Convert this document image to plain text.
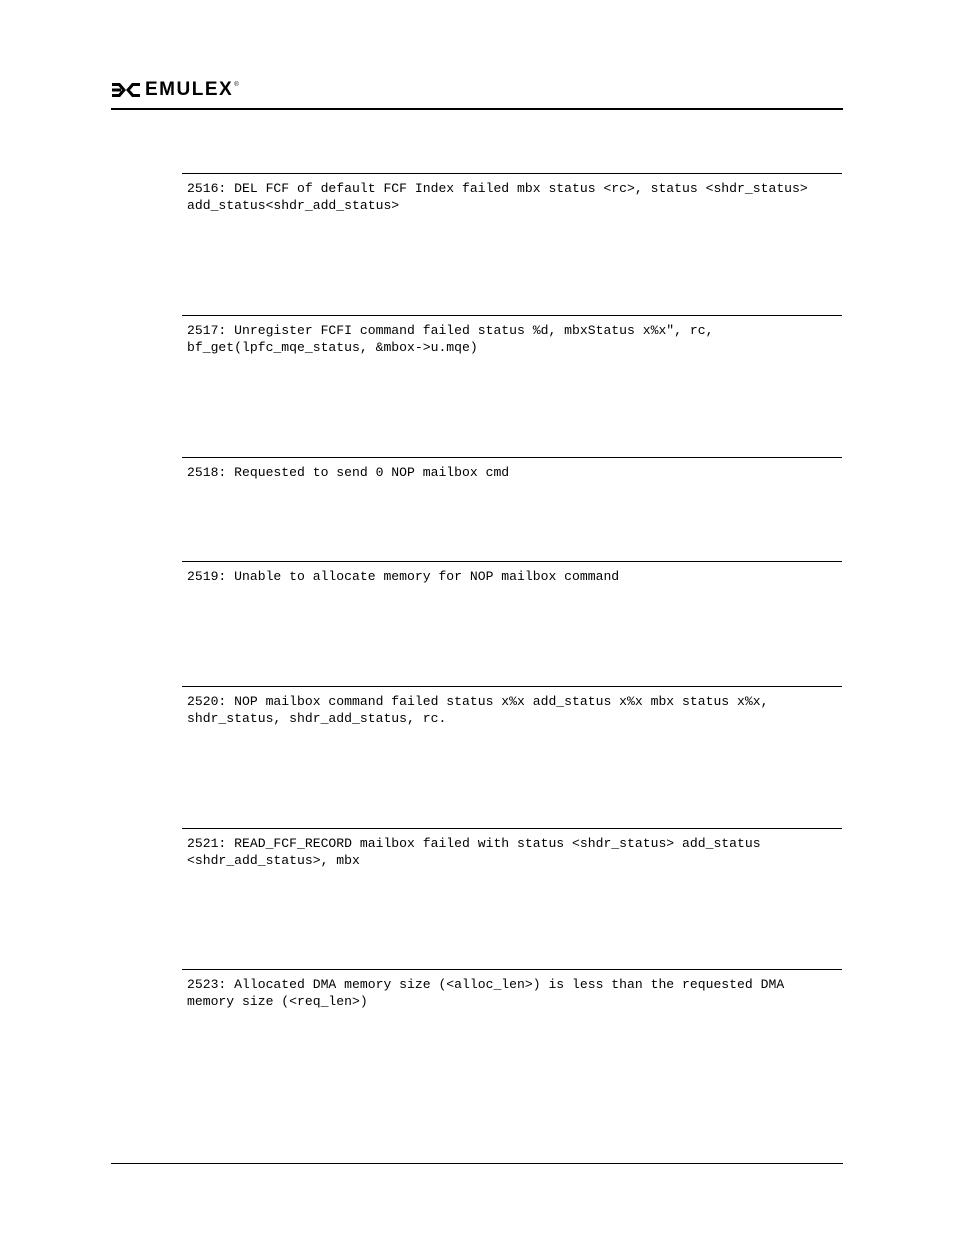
EMULEX ®

2516: DEL FCF of default FCF Index failed mbx status <rc>, status <shdr_status>
add_status<shdr_add_status>

2517: Unregister FCFI command failed status %d, mbxStatus x%x", rc,
bf_get(lpfc_mqe_status, &mbox->u.mqe)

2518: Requested to send 0 NOP mailbox cmd

2519: Unable to allocate memory for NOP mailbox command

2520: NOP mailbox command failed status x%x add_status x%x mbx status x%x,
shdr_status, shdr_add_status, rc.

2521: READ_FCF_RECORD mailbox failed with status <shdr_status> add_status
<shdr_add_status>, mbx

2523: Allocated DMA memory size (<alloc_len>) is less than the requested DMA
memory size (<req_len>)
